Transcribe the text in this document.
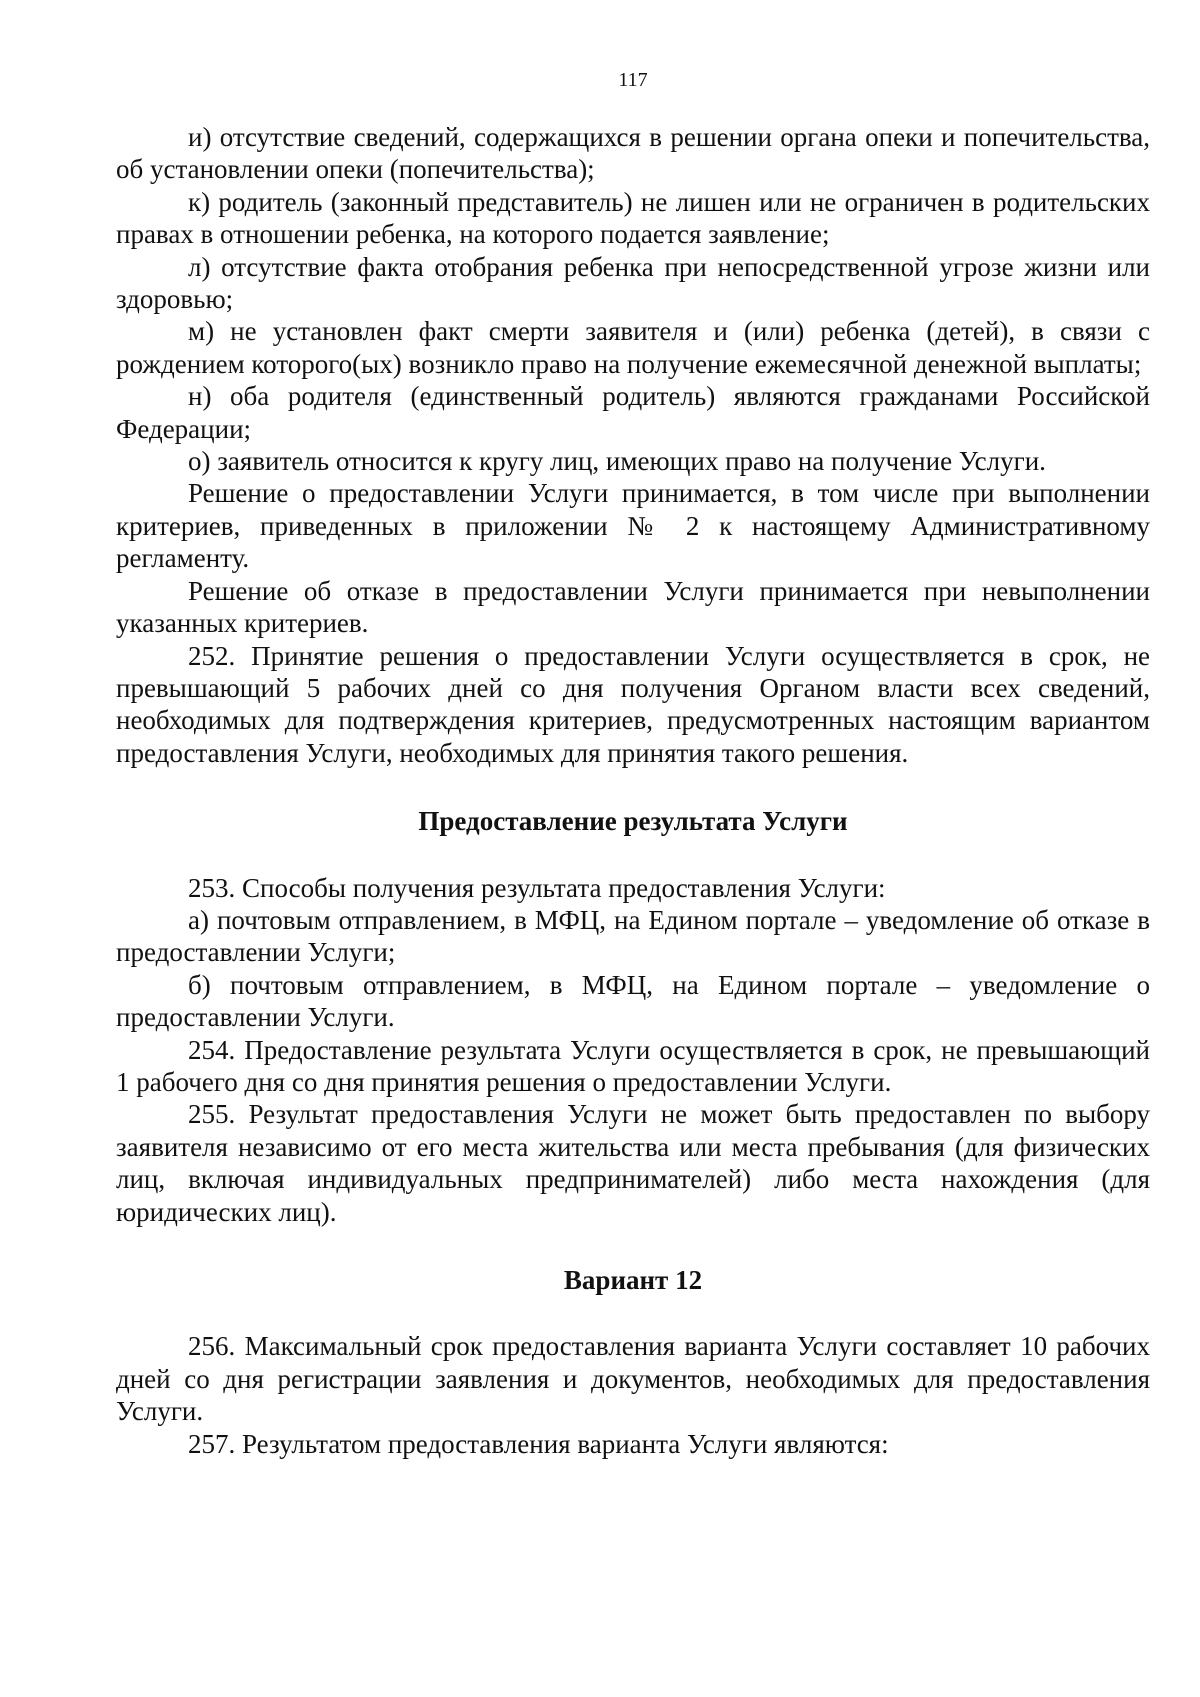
117

и) отсутствие сведений, содержащихся в решении органа опеки и попечительства, об установлении опеки (попечительства);

к) родитель (законный представитель) не лишен или не ограничен в родительских правах в отношении ребенка, на которого подается заявление;

л) отсутствие факта отобрания ребенка при непосредственной угрозе жизни или здоровью;

м) не установлен факт смерти заявителя и (или) ребенка (детей), в связи с рождением которого(ых) возникло право на получение ежемесячной денежной выплаты;

н) оба родителя (единственный родитель) являются гражданами Российской Федерации;

о) заявитель относится к кругу лиц, имеющих право на получение Услуги.

Решение о предоставлении Услуги принимается, в том числе при выполнении критериев, приведенных в приложении № 2 к настоящему Административному регламенту.

Решение об отказе в предоставлении Услуги принимается при невыполнении указанных критериев.

252. Принятие решения о предоставлении Услуги осуществляется в срок, не превышающий 5 рабочих дней со дня получения Органом власти всех сведений, необходимых для подтверждения критериев, предусмотренных настоящим вариантом предоставления Услуги, необходимых для принятия такого решения.

Предоставление результата Услуги

253. Способы получения результата предоставления Услуги:

а) почтовым отправлением, в МФЦ, на Едином портале – уведомление об отказе в предоставлении Услуги;

б) почтовым отправлением, в МФЦ, на Едином портале – уведомление о предоставлении Услуги.

254. Предоставление результата Услуги осуществляется в срок, не превышающий 1 рабочего дня со дня принятия решения о предоставлении Услуги.

255. Результат предоставления Услуги не может быть предоставлен по выбору заявителя независимо от его места жительства или места пребывания (для физических лиц, включая индивидуальных предпринимателей) либо места нахождения (для юридических лиц).

Вариант 12

256. Максимальный срок предоставления варианта Услуги составляет 10 рабочих дней со дня регистрации заявления и документов, необходимых для предоставления Услуги.

257. Результатом предоставления варианта Услуги являются:
